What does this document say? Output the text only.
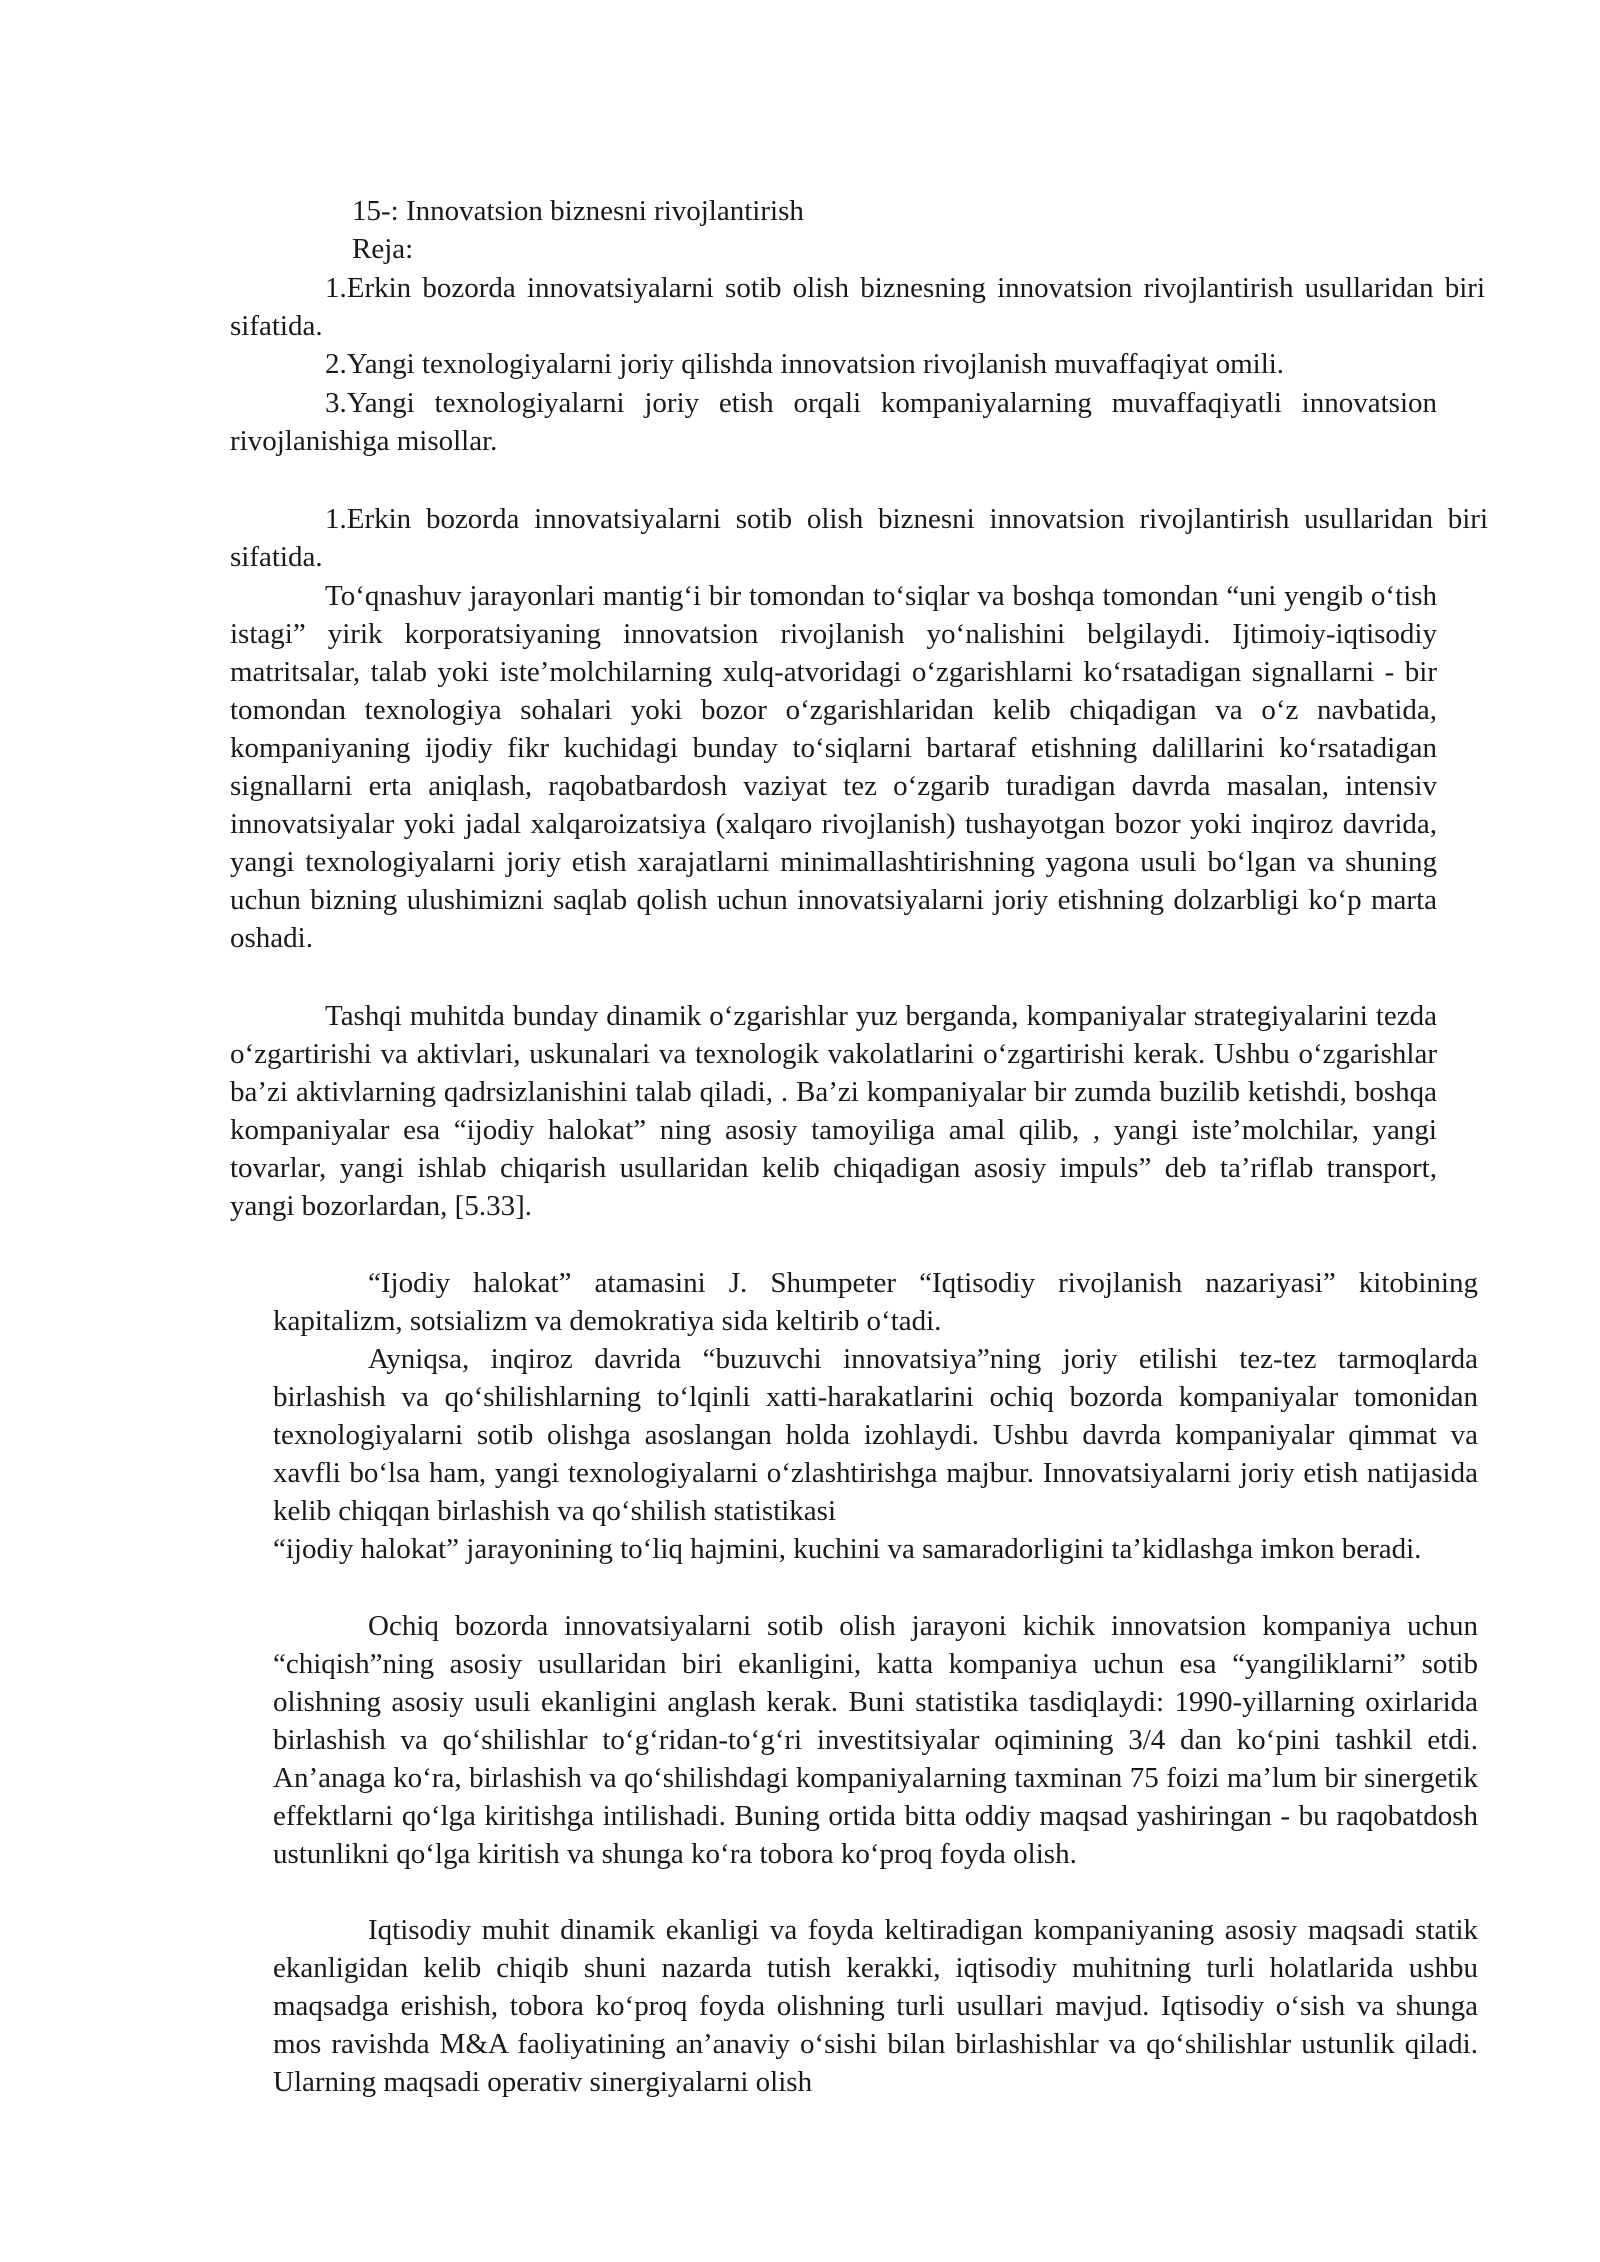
15-: Innovatsion biznesni rivojlantirish

Reja:

1.Erkin bozorda innovatsiyalarni sotib olish biznesning innovatsion rivojlantirish usullaridan biri sifatida.

2.Yangi texnologiyalarni joriy qilishda innovatsion rivojlanish muvaffaqiyat omili.

3.Yangi texnologiyalarni joriy etish orqali kompaniyalarning muvaffaqiyatli innovatsion rivojlanishiga misollar.

1.Erkin bozorda innovatsiyalarni sotib olish biznesni innovatsion rivojlantirish usullaridan biri sifatida.

To‘qnashuv jarayonlari mantig‘i bir tomondan to‘siqlar va boshqa tomondan “uni yengib o‘tish istagi” yirik korporatsiyaning innovatsion rivojlanish yo‘nalishini belgilaydi. Ijtimoiy-iqtisodiy matritsalar, talab yoki iste’molchilarning xulq-atvoridagi o‘zgarishlarni ko‘rsatadigan signallarni - bir tomondan texnologiya sohalari yoki bozor o‘zgarishlaridan kelib chiqadigan va o‘z navbatida, kompaniyaning ijodiy fikr kuchidagi bunday to‘siqlarni bartaraf etishning dalillarini ko‘rsatadigan signallarni erta aniqlash, raqobatbardosh vaziyat tez o‘zgarib turadigan davrda masalan, intensiv innovatsiyalar yoki jadal xalqaroizatsiya (xalqaro rivojlanish) tushayotgan bozor yoki inqiroz davrida, yangi texnologiyalarni joriy etish xarajatlarni minimallashtirishning yagona usuli bo‘lgan va shuning uchun bizning ulushimizni saqlab qolish uchun innovatsiyalarni joriy etishning dolzarbligi ko‘p marta oshadi.

Tashqi muhitda bunday dinamik o‘zgarishlar yuz berganda, kompaniyalar strategiyalarini tezda o‘zgartirishi va aktivlari, uskunalari va texnologik vakolatlarini o‘zgartirishi kerak. Ushbu o‘zgarishlar ba’zi aktivlarning qadrsizlanishini talab qiladi, . Ba’zi kompaniyalar bir zumda buzilib ketishdi, boshqa kompaniyalar esa “ijodiy halokat” ning asosiy tamoyiliga amal qilib, , yangi iste’molchilar, yangi tovarlar, yangi ishlab chiqarish usullaridan kelib chiqadigan asosiy impuls” deb ta’riflab transport, yangi bozorlardan, [5.33].

“Ijodiy halokat” atamasini J. Shumpeter “Iqtisodiy rivojlanish nazariyasi” kitobining kapitalizm, sotsializm va demokratiya sida keltirib o‘tadi.

Ayniqsa, inqiroz davrida “buzuvchi innovatsiya”ning joriy etilishi tez-tez tarmoqlarda birlashish va qo‘shilishlarning to‘lqinli xatti-harakatlarini ochiq bozorda kompaniyalar tomonidan texnologiyalarni sotib olishga asoslangan holda izohlaydi. Ushbu davrda kompaniyalar qimmat va xavfli bo‘lsa ham, yangi texnologiyalarni o‘zlashtirishga majbur. Innovatsiyalarni joriy etish natijasida kelib chiqqan birlashish va qo‘shilish statistikasi

“ijodiy halokat” jarayonining to‘liq hajmini, kuchini va samaradorligini ta’kidlashga imkon beradi.

Ochiq bozorda innovatsiyalarni sotib olish jarayoni kichik innovatsion kompaniya uchun “chiqish”ning asosiy usullaridan biri ekanligini, katta kompaniya uchun esa “yangiliklarni” sotib olishning asosiy usuli ekanligini anglash kerak. Buni statistika tasdiqlaydi: 1990-yillarning oxirlarida birlashish va qo‘shilishlar to‘g‘ridan-to‘g‘ri investitsiyalar oqimining 3/4 dan ko‘pini tashkil etdi. An’anaga ko‘ra, birlashish va qo‘shilishdagi kompaniyalarning taxminan 75 foizi ma’lum bir sinergetik effektlarni qo‘lga kiritishga intilishadi. Buning ortida bitta oddiy maqsad yashiringan - bu raqobatdosh ustunlikni qo‘lga kiritish va shunga ko‘ra tobora ko‘proq foyda olish.

Iqtisodiy muhit dinamik ekanligi va foyda keltiradigan kompaniyaning asosiy maqsadi statik ekanligidan kelib chiqib shuni nazarda tutish kerakki, iqtisodiy muhitning turli holatlarida ushbu maqsadga erishish, tobora ko‘proq foyda olishning turli usullari mavjud. Iqtisodiy o‘sish va shunga mos ravishda M&A faoliyatining an’anaviy o‘sishi bilan birlashishlar va qo‘shilishlar ustunlik qiladi. Ularning maqsadi operativ sinergiyalarni olish
